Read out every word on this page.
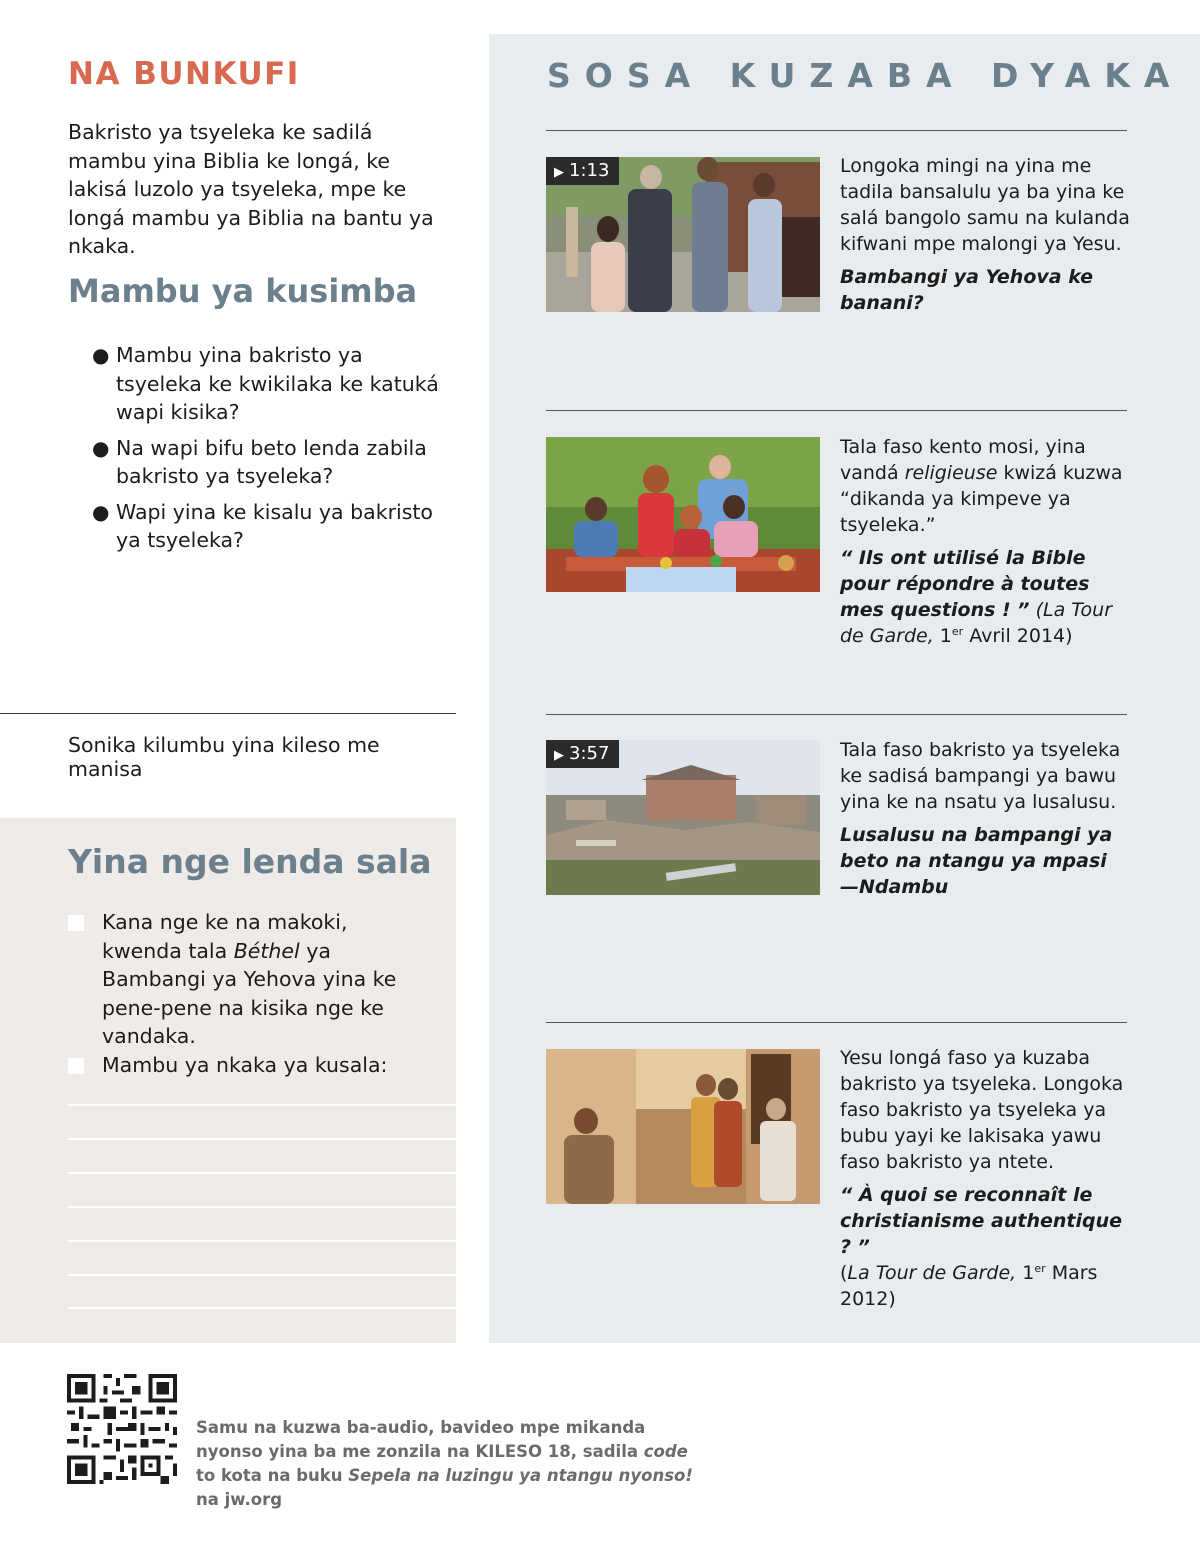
NA BUNKUFI

Bakristo ya tsyeleka ke sadilá mambu yina Biblia ke longá, ke lakisá luzolo ya tsyeleka, mpe ke longá mambu ya Biblia na bantu ya nkaka.

Mambu ya kusimba
● Mambu yina bakristo ya tsyeleka ke kwikilaka ke katuká wapi kisika?
● Na wapi bifu beto lenda zabila bakristo ya tsyeleka?
● Wapi yina ke kisalu ya bakristo ya tsyeleka?

Sonika kilumbu yina kileso me manisa

Yina nge lenda sala
Kana nge ke na makoki, kwenda tala Béthel ya Bambangi ya Yehova yina ke pene-pene na kisika nge ke vandaka.
Mambu ya nkaka ya kusala:
SOSA KUZABA DYAKA
▶ 1:13	Longoka mingi na yina me tadila bansalulu ya ba yina ke salá bangolo samu na kulanda kifwani mpe malongi ya Yesu.

Bambangi ya Yehova ke banani?

Tala faso kento mosi, yina vandá religieuse kwizá kuzwa “dikanda ya kimpeve ya tsyeleka.”

“ Ils ont utilisé la Bible pour répondre à toutes mes questions ! ” (La Tour de Garde, 1er Avril 2014)

▶ 3:57	Tala faso bakristo ya tsyeleka ke sadisá bampangi ya bawu yina ke na nsatu ya lusalusu.

Lusalusu na bampangi ya beto na ntangu ya mpasi —Ndambu

Yesu longá faso ya kuzaba bakristo ya tsyeleka. Longoka faso bakristo ya tsyeleka ya bubu yayi ke lakisaka yawu faso bakristo ya ntete.

“ À quoi se reconnaît le christianisme authentique ? ”
(La Tour de Garde, 1er Mars 2012)

Samu na kuzwa ba-audio, bavideo mpe mikanda nyonso yina ba me zonzila na KILESO 18, sadila code to kota na buku Sepela na luzingu ya ntangu nyonso! na jw.org
